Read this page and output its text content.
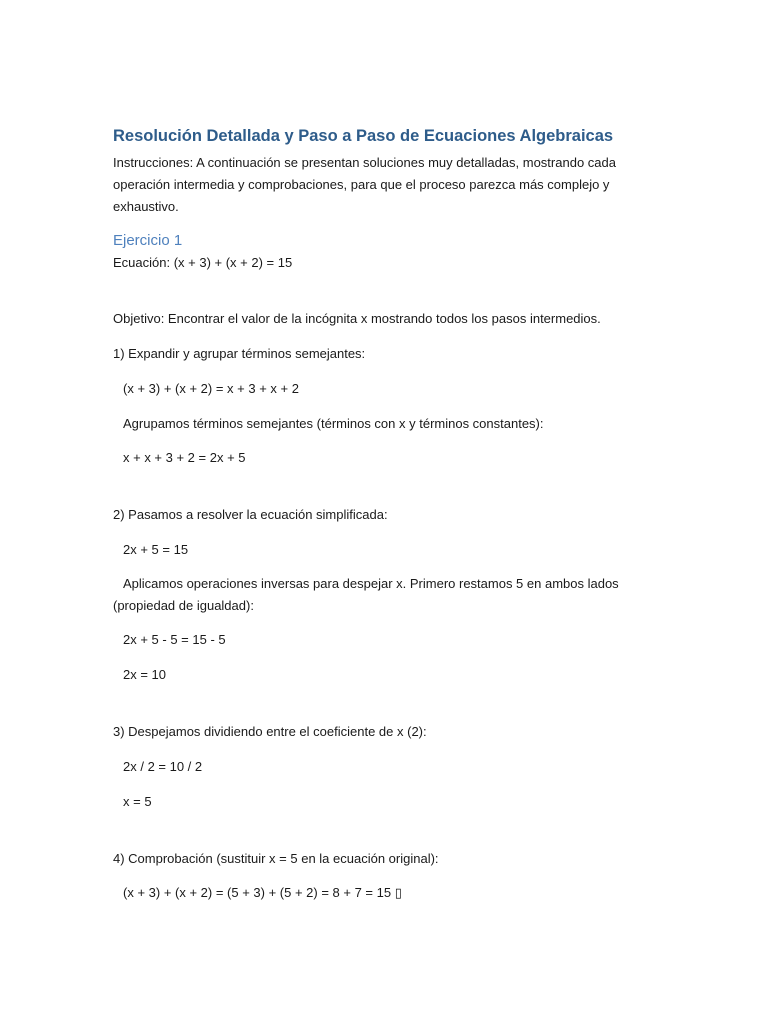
Resolución Detallada y Paso a Paso de Ecuaciones Algebraicas

Instrucciones: A continuación se presentan soluciones muy detalladas, mostrando cada operación intermedia y comprobaciones, para que el proceso parezca más complejo y exhaustivo.

Ejercicio 1

Ecuación: (x + 3) + (x + 2) = 15

Objetivo: Encontrar el valor de la incógnita x mostrando todos los pasos intermedios.

1) Expandir y agrupar términos semejantes:

(x + 3) + (x + 2) = x + 3 + x + 2

Agrupamos términos semejantes (términos con x y términos constantes):

x + x + 3 + 2 = 2x + 5

2) Pasamos a resolver la ecuación simplificada:

2x + 5 = 15

Aplicamos operaciones inversas para despejar x. Primero restamos 5 en ambos lados (propiedad de igualdad):

2x + 5 - 5 = 15 - 5

2x = 10

3) Despejamos dividiendo entre el coeficiente de x (2):

2x / 2 = 10 / 2

x = 5

4) Comprobación (sustituir x = 5 en la ecuación original):

(x + 3) + (x + 2) = (5 + 3) + (5 + 2) = 8 + 7 = 15 ▯
